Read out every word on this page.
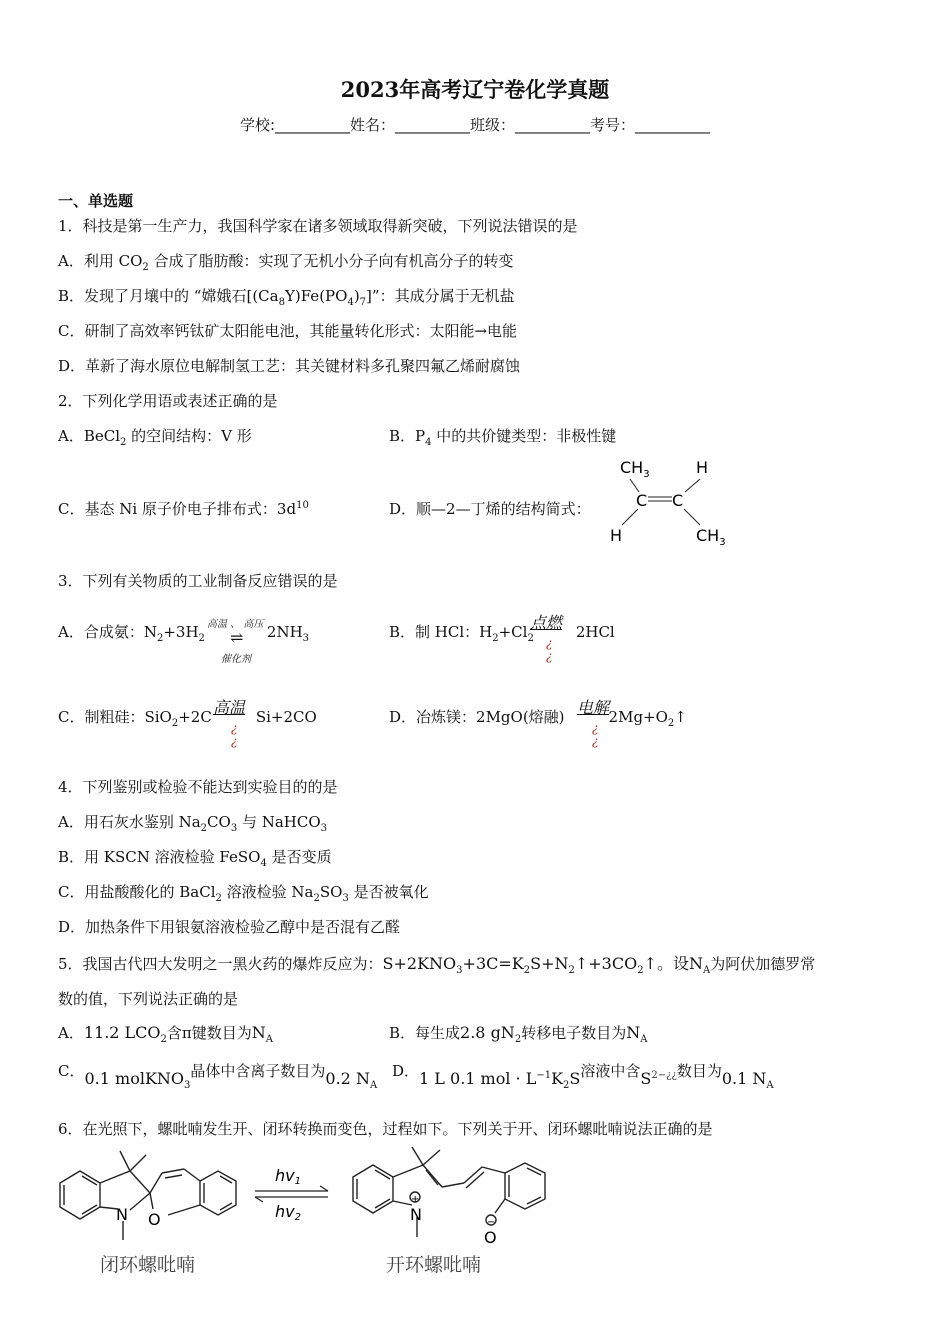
2023年高考辽宁卷化学真题
学校:__________姓名：__________班级：__________考号：__________
一、单选题
1．科技是第一生产力，我国科学家在诸多领域取得新突破，下列说法错误的是
A．利用 $CO_2$ 合成了脂肪酸：实现了无机小分子向有机高分子的转变
B．发现了月壤中的 “嫦娥石$[(Ca_8Y)Fe(PO_4)_7]$”：其成分属于无机盐
C．研制了高效率钙钛矿太阳能电池，其能量转化形式：太阳能→电能
D．革新了海水原位电解制氢工艺：其关键材料多孔聚四氟乙烯耐腐蚀
2．下列化学用语或表述正确的是
A．BeCl$_2$ 的空间结构：V 形	B．$P_4$ 中的共价键类型：非极性键
C．基态 Ni 原子价电子排布式：$3d^{10}$	D．顺—2—丁烯的结构简式：
$CH_3$	H
C C
H	$CH_3$
3．下列有关物质的工业制备反应错误的是
A．合成氨：$N_2+3H_2$	$2NH_3$
高温 、 高压
⇌
催化剂
B．制 HCl：$H_2+Cl_2$	2HCl
点燃
¿ ¿
C．制粗硅：SiO$_2$+2C	Si+2CO
高温
¿ ¿
D．冶炼镁：2MgO(熔融)	$2Mg+O_2↑$
电解
¿ ¿
4．下列鉴别或检验不能达到实验目的的是
A．用石灰水鉴别 $Na_2CO_3$ 与 NaHCO$_3$
B．用 KSCN 溶液检验 FeSO$_4$ 是否变质
C．用盐酸酸化的 BaCl$_2$ 溶液检验 $Na_2SO_3$ 是否被氧化
D．加热条件下用银氨溶液检验乙醇中是否混有乙醛
5．我国古代四大发明之一黑火药的爆炸反应为：$S+2KNO_3+3C=K_2S+N_2↑+3CO_2↑$。设$N_A$为阿伏加德罗常
数的值，下列说法正确的是
A．11.2 $LCO_2$含π键数目为$N_A$	B．每生成2.8 $gN_2$转移电子数目为$N_A$
C．0.1 molKNO$_3$晶体中含离子数目为0.2 $N_A$
D．1 L 0.1 mol · $L^{-1}K_2S$溶液中含$S^{2-¿¿}$数目为0.1 $N_A$
6．在光照下，螺吡喃发生开、闭环转换而变色，过程如下。下列关于开、闭环螺吡喃说法正确的是
N O
闭环螺吡喃
hv1
hv2	N
+
O
−
开环螺吡喃
